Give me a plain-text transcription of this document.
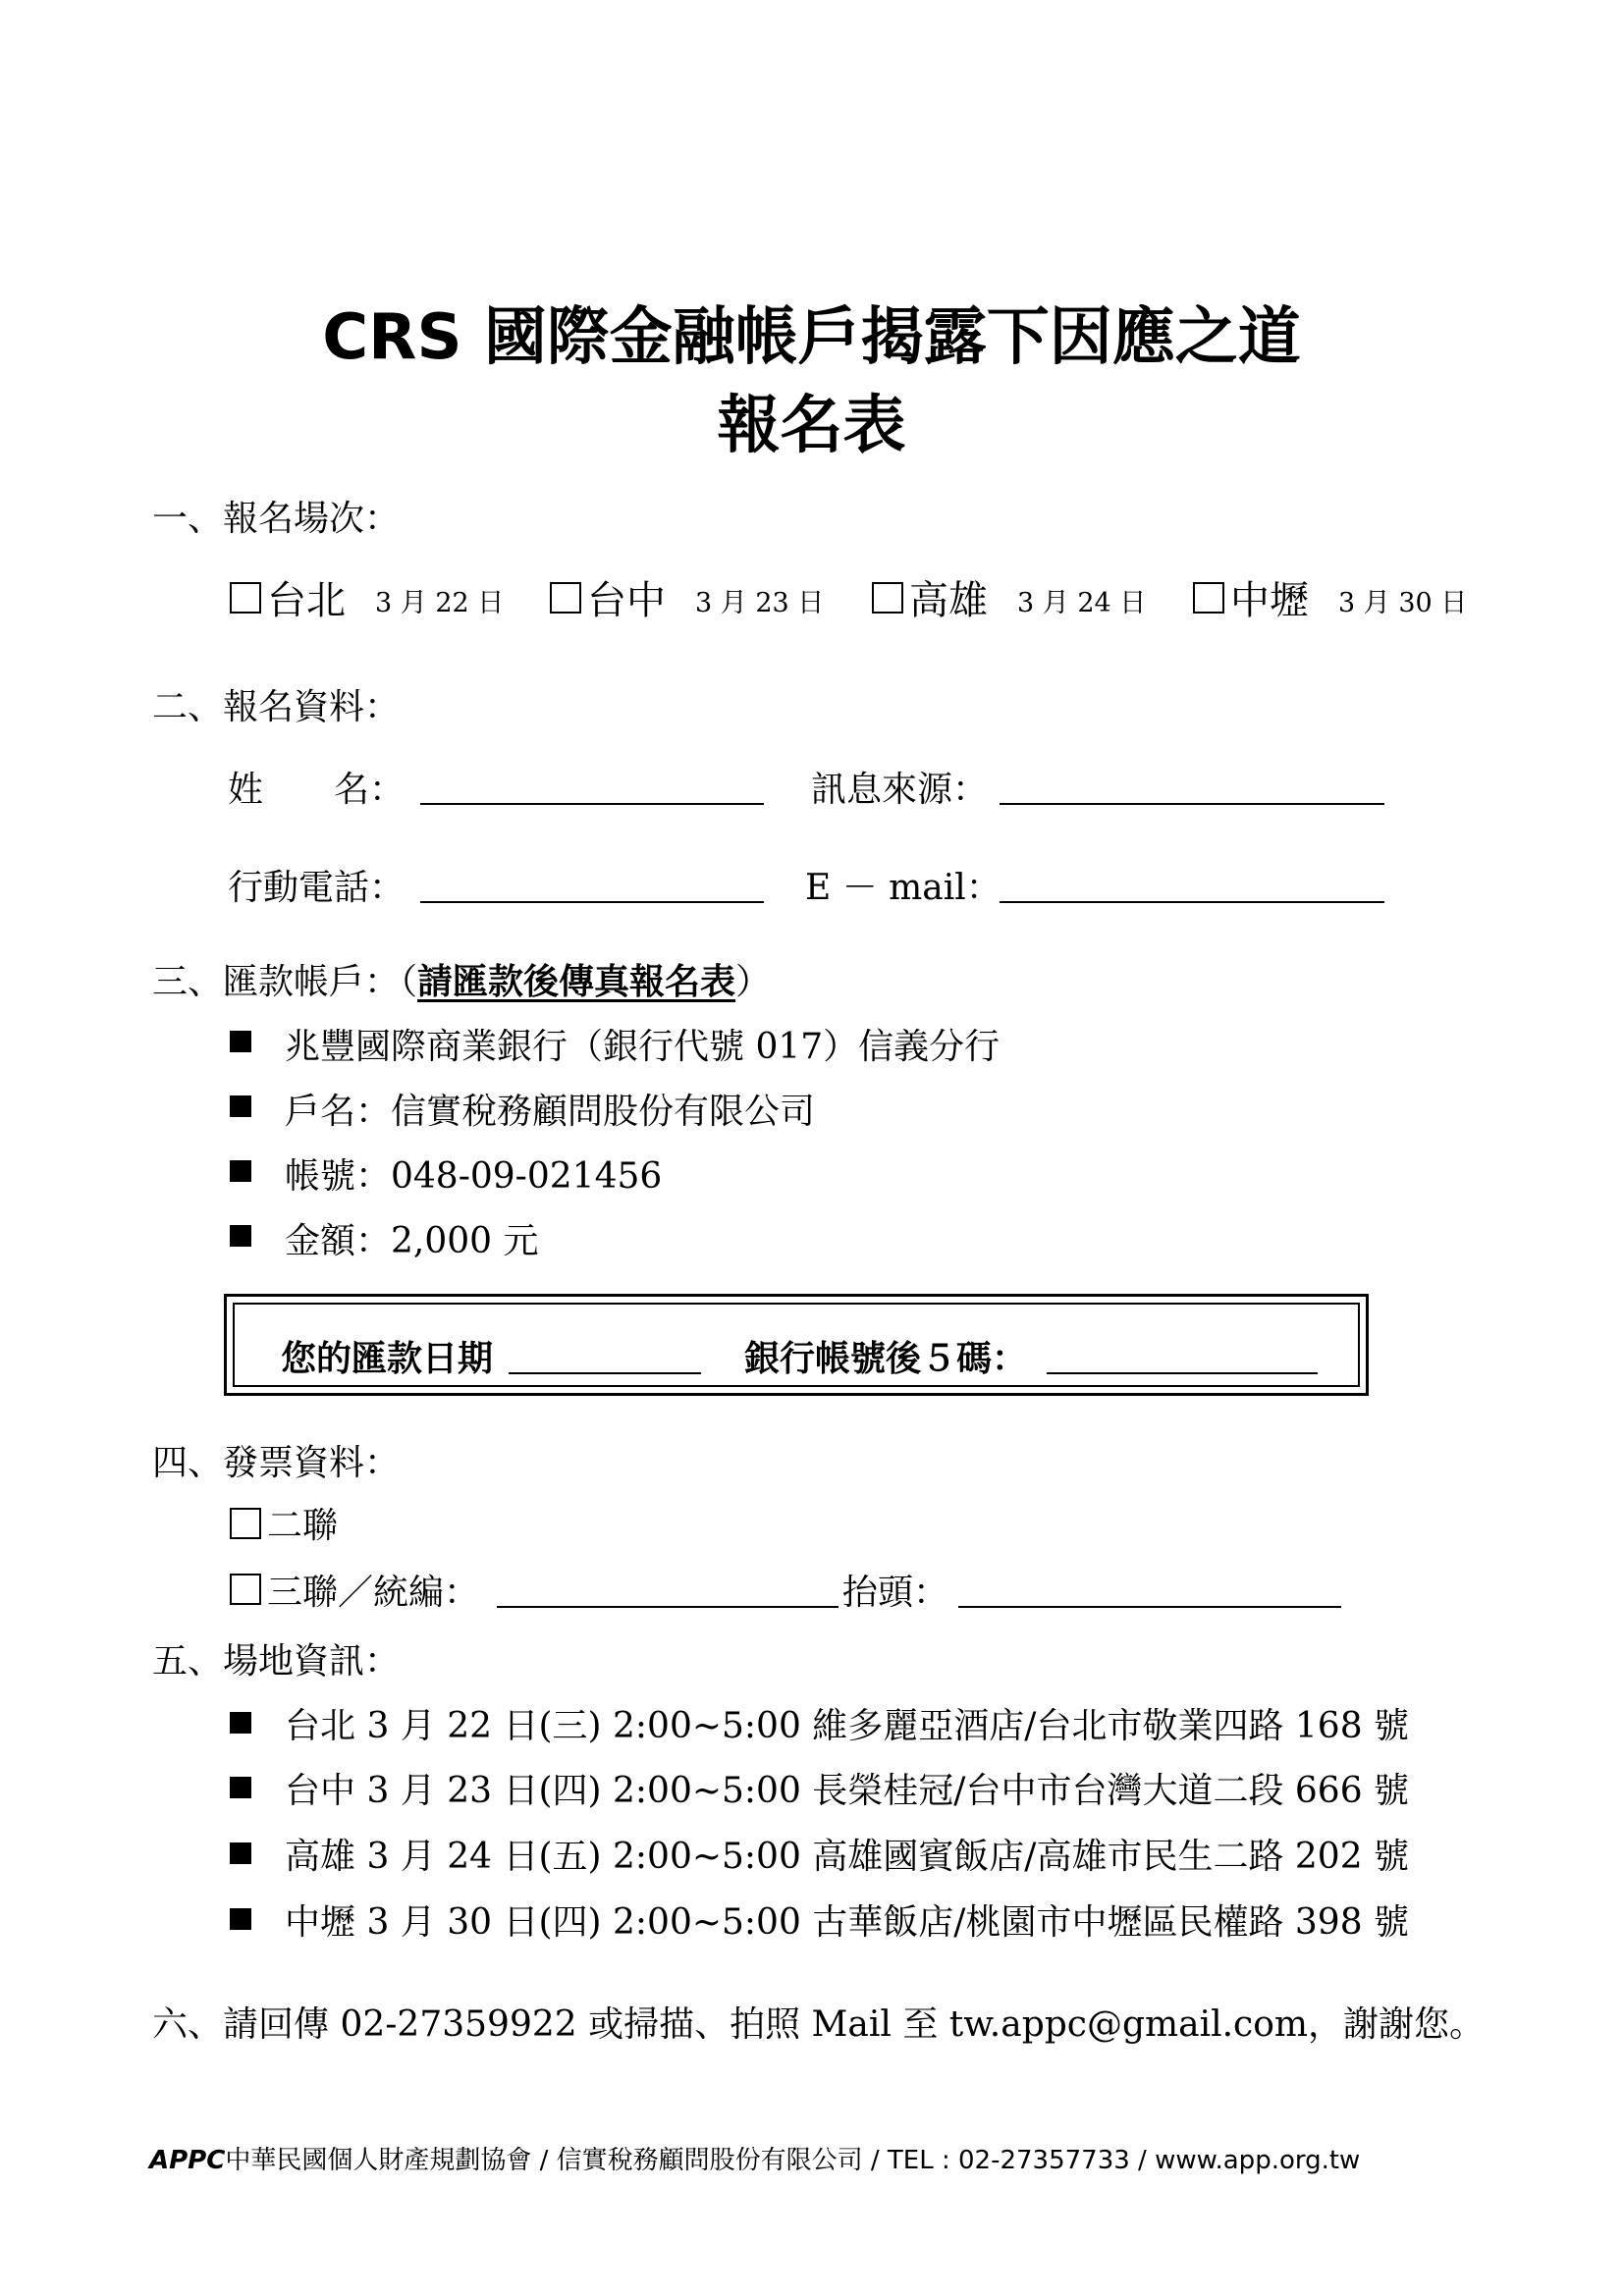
CRS 國際金融帳戶揭露下因應之道
報名表
一、報名場次：
台北 3 月 22 日 台中 3 月 23 日 高雄 3 月 24 日 中壢 3 月 30 日
二、報名資料：
姓　　名：	訊息來源：
行動電話：	E － mail：
三、匯款帳戶：（請匯款後傳真報名表）
兆豐國際商業銀行（銀行代號 017）信義分行
戶名：信實稅務顧問股份有限公司
帳號：048-09-021456
金額：2,000 元
您的匯款日期	銀行帳號後５碼：
四、發票資料：
二聯
三聯／統編：	抬頭：
五、場地資訊：
台北 3 月 22 日(三) 2:00~5:00 維多麗亞酒店/台北市敬業四路 168 號
台中 3 月 23 日(四) 2:00~5:00 長榮桂冠/台中市台灣大道二段 666 號
高雄 3 月 24 日(五) 2:00~5:00 高雄國賓飯店/高雄市民生二路 202 號
中壢 3 月 30 日(四) 2:00~5:00 古華飯店/桃園市中壢區民權路 398 號
六、請回傳 02-27359922 或掃描、拍照 Mail 至 tw.appc@gmail.com，謝謝您。
APPC中華民國個人財產規劃協會 / 信實稅務顧問股份有限公司 / TEL : 02-27357733 / www.app.org.tw
